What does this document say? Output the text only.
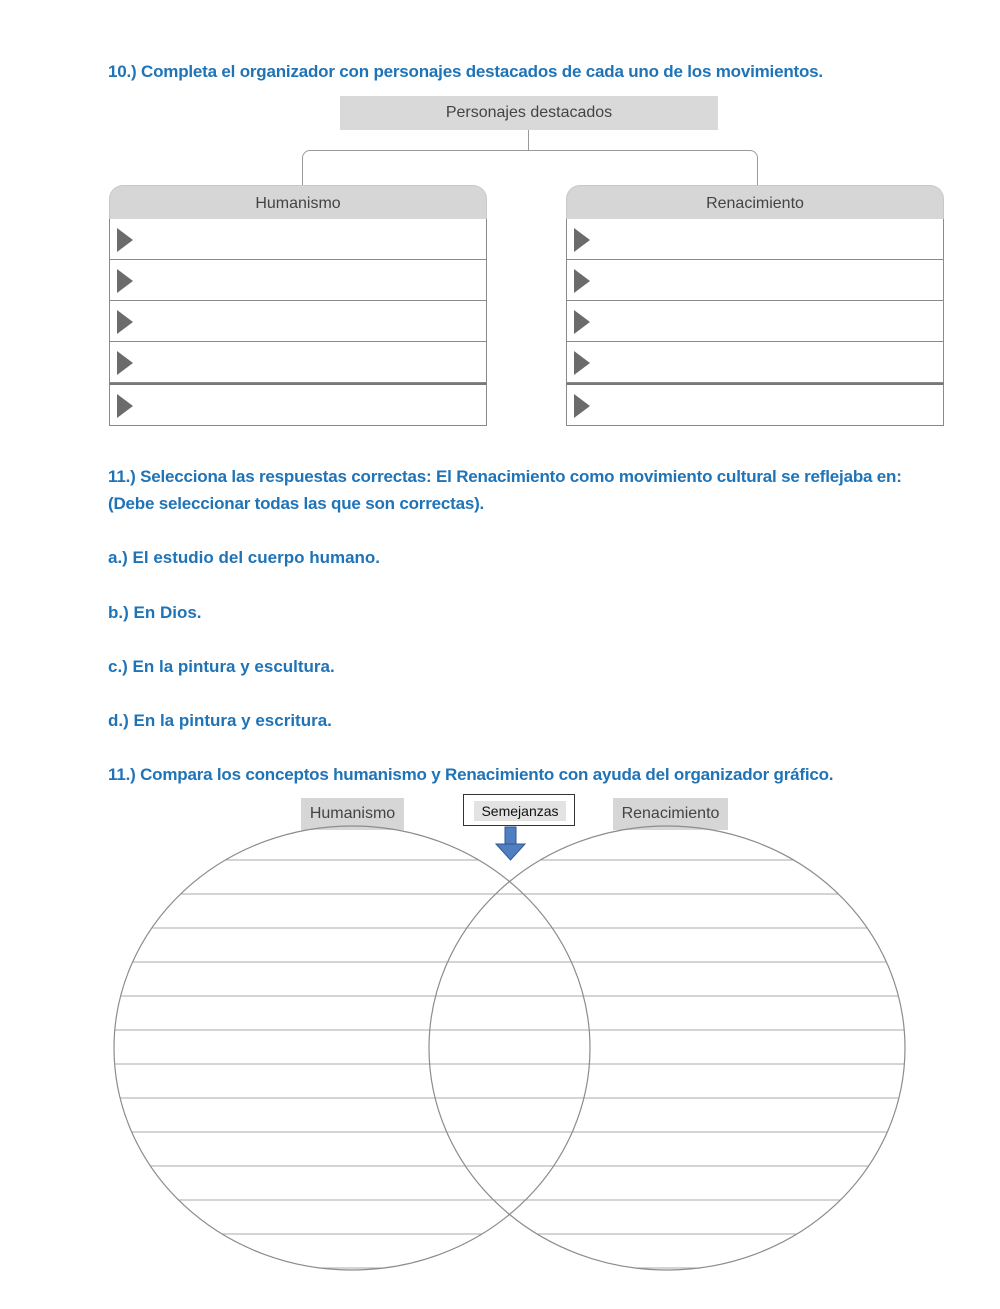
10.) Completa el organizador con personajes destacados de cada uno de los movimientos.

Personajes destacados
Humanismo	Renacimiento

11.) Selecciona las respuestas correctas: El Renacimiento como movimiento cultural se reflejaba en:

(Debe seleccionar todas las que son correctas).

a.) El estudio del cuerpo humano.

b.) En Dios.

c.) En la pintura y escultura.

d.) En la pintura y escritura.

11.) Compara los conceptos humanismo y Renacimiento con ayuda del organizador gráfico.

Humanismo	Renacimiento
Semejanzas
